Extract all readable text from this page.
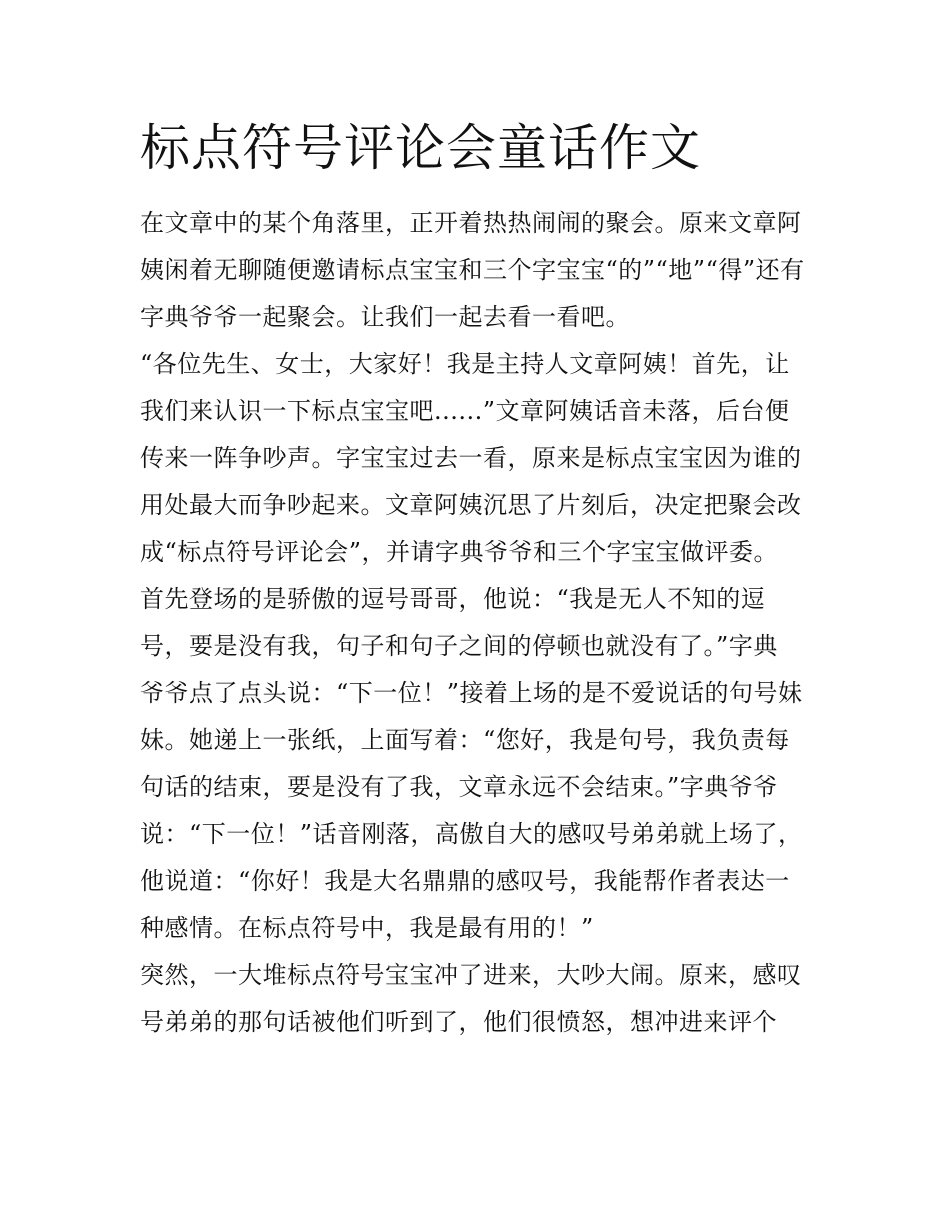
标点符号评论会童话作文
在文章中的某个角落里，正开着热热闹闹的聚会。原来文章阿
姨闲着无聊随便邀请标点宝宝和三个字宝宝“的”“地”“得”还有
字典爷爷一起聚会。让我们一起去看一看吧。
“各位先生、女士，大家好！我是主持人文章阿姨！首先，让
我们来认识一下标点宝宝吧......”文章阿姨话音未落，后台便
传来一阵争吵声。字宝宝过去一看，原来是标点宝宝因为谁的
用处最大而争吵起来。文章阿姨沉思了片刻后，决定把聚会改
成“标点符号评论会”，并请字典爷爷和三个字宝宝做评委。
首先登场的是骄傲的逗号哥哥，他说：“我是无人不知的逗
号，要是没有我，句子和句子之间的停顿也就没有了。”字典
爷爷点了点头说：“下一位！”接着上场的是不爱说话的句号妹
妹。她递上一张纸，上面写着：“您好，我是句号，我负责每
句话的结束，要是没有了我，文章永远不会结束。”字典爷爷
说：“下一位！”话音刚落，高傲自大的感叹号弟弟就上场了，
他说道：“你好！我是大名鼎鼎的感叹号，我能帮作者表达一
种感情。在标点符号中，我是最有用的！”
突然，一大堆标点符号宝宝冲了进来，大吵大闹。原来，感叹
号弟弟的那句话被他们听到了，他们很愤怒，想冲进来评个
